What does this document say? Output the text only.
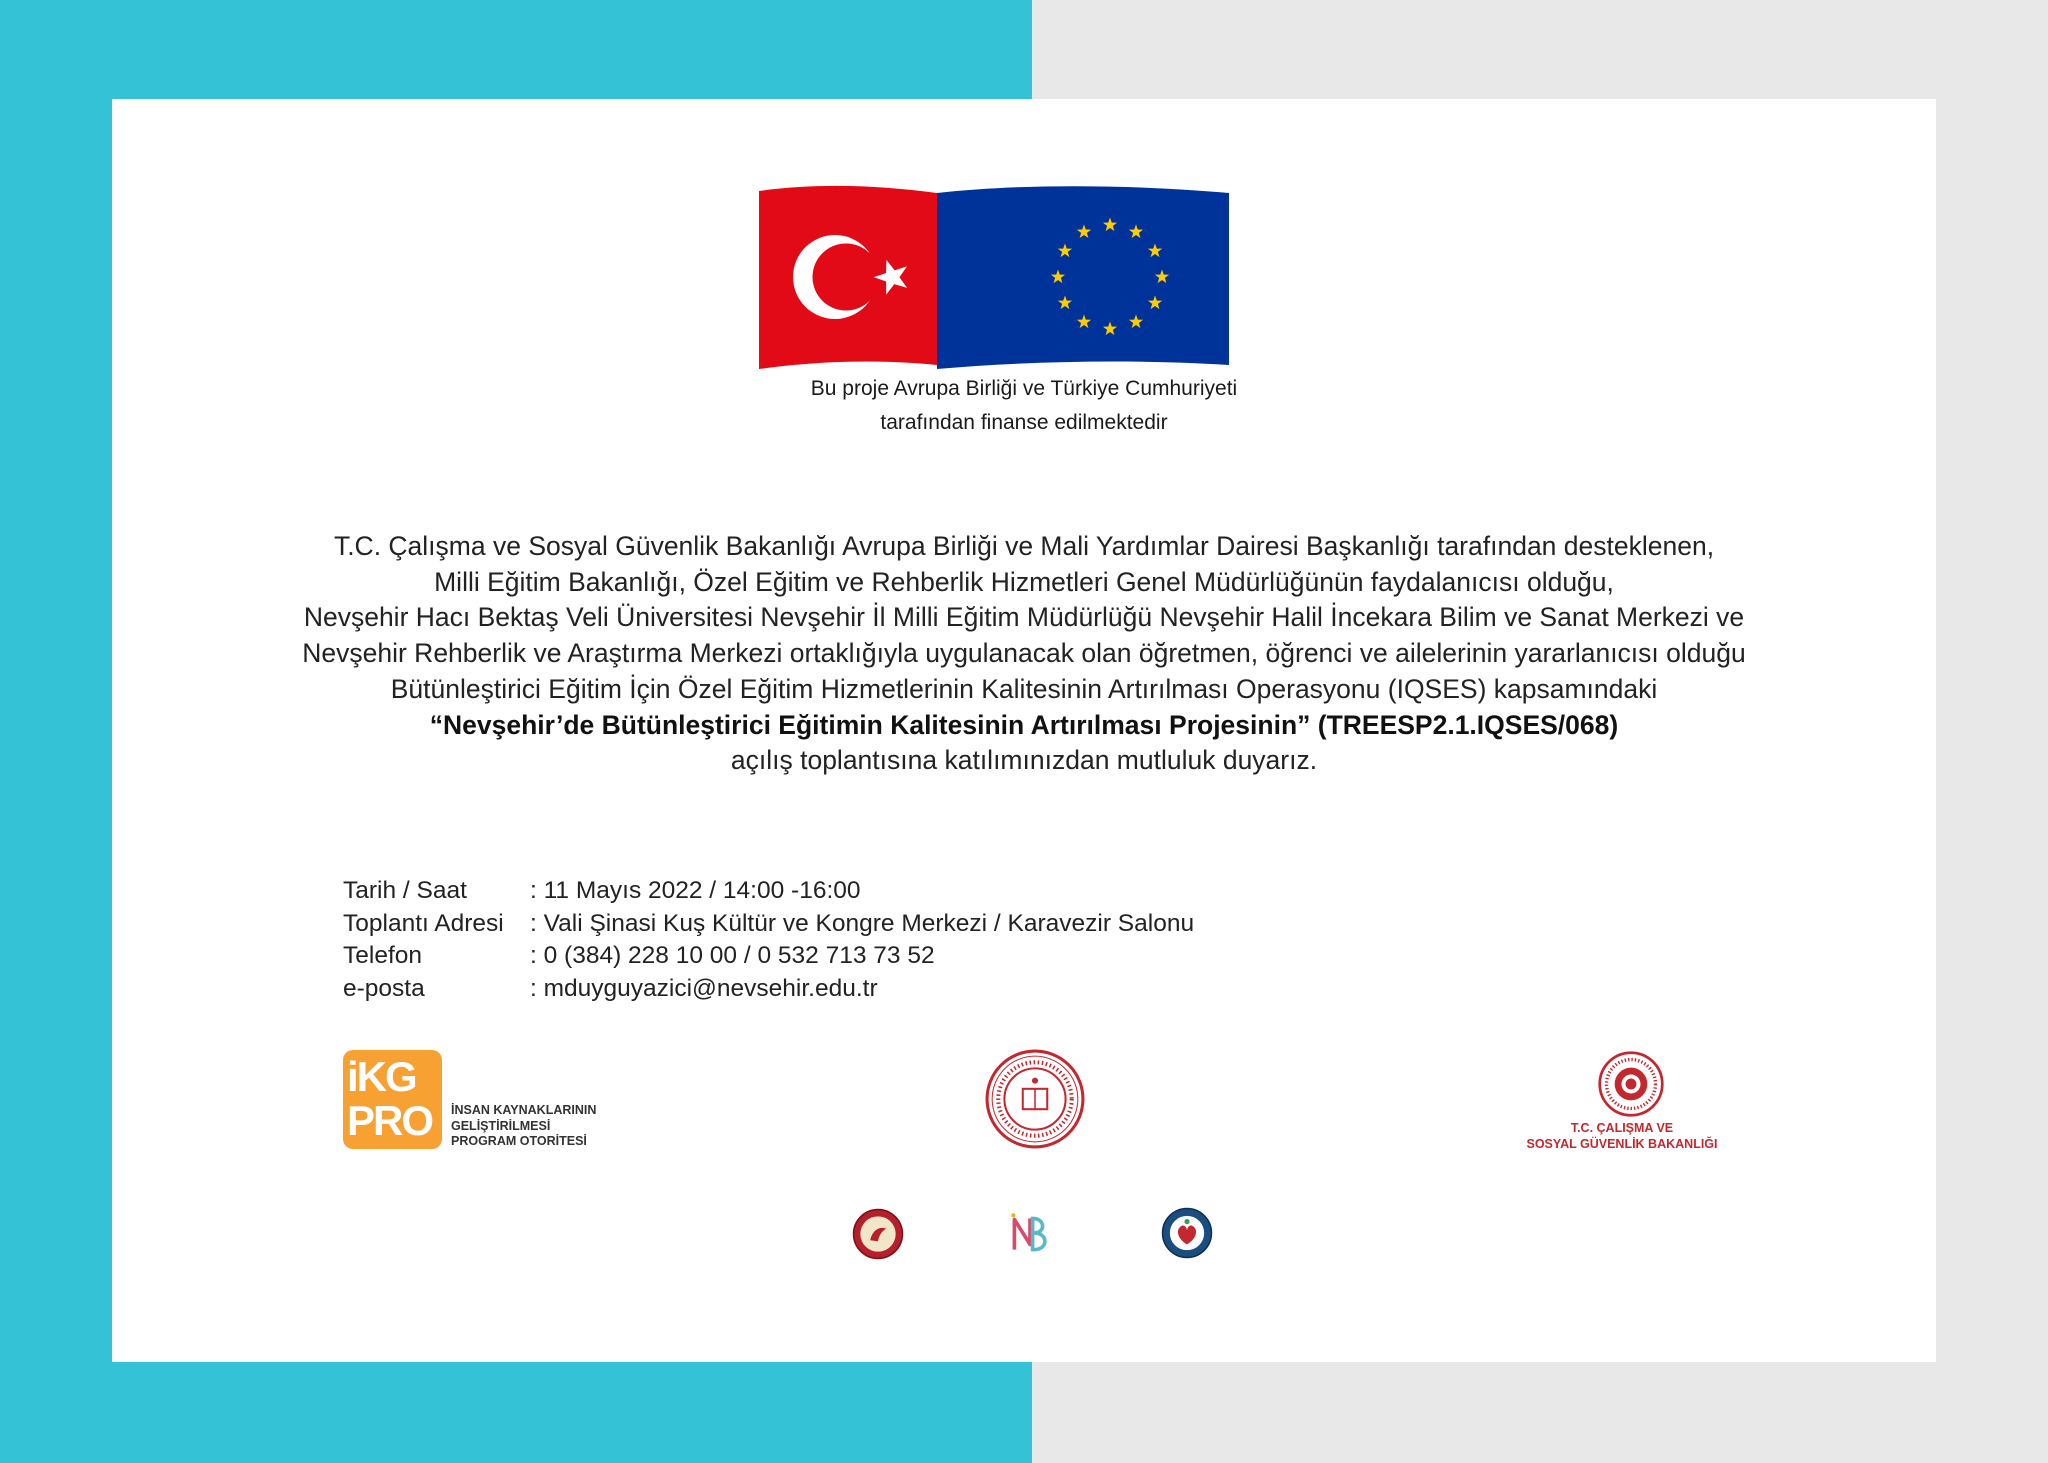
Bu proje Avrupa Birliği ve Türkiye Cumhuriyeti
tarafından finanse edilmektedir
T.C. Çalışma ve Sosyal Güvenlik Bakanlığı Avrupa Birliği ve Mali Yardımlar Dairesi Başkanlığı tarafından desteklenen,
Milli Eğitim Bakanlığı, Özel Eğitim ve Rehberlik Hizmetleri Genel Müdürlüğünün faydalanıcısı olduğu,
Nevşehir Hacı Bektaş Veli Üniversitesi Nevşehir İl Milli Eğitim Müdürlüğü Nevşehir Halil İncekara Bilim ve Sanat Merkezi ve
Nevşehir Rehberlik ve Araştırma Merkezi ortaklığıyla uygulanacak olan öğretmen, öğrenci ve ailelerinin yararlanıcısı olduğu
Bütünleştirici Eğitim İçin Özel Eğitim Hizmetlerinin Kalitesinin Artırılması Operasyonu (IQSES) kapsamındaki
“Nevşehir’de Bütünleştirici Eğitimin Kalitesinin Artırılması Projesinin” (TREESP2.1.IQSES/068)
açılış toplantısına katılımınızdan mutluluk duyarız.
Tarih / Saat	: 11 Mayıs 2022 / 14:00 -16:00
Toplantı Adresi	: Vali Şinasi Kuş Kültür ve Kongre Merkezi / Karavezir Salonu
Telefon	: 0 (384) 228 10 00 / 0 532 713 73 52
e-posta	: mduyguyazici@nevsehir.edu.tr
iKG
PRO İNSAN KAYNAKLARININ
GELİŞTİRİLMESİ
PROGRAM OTORİTESİ
T.C. ÇALIŞMA VE
SOSYAL GÜVENLİK BAKANLIĞI
